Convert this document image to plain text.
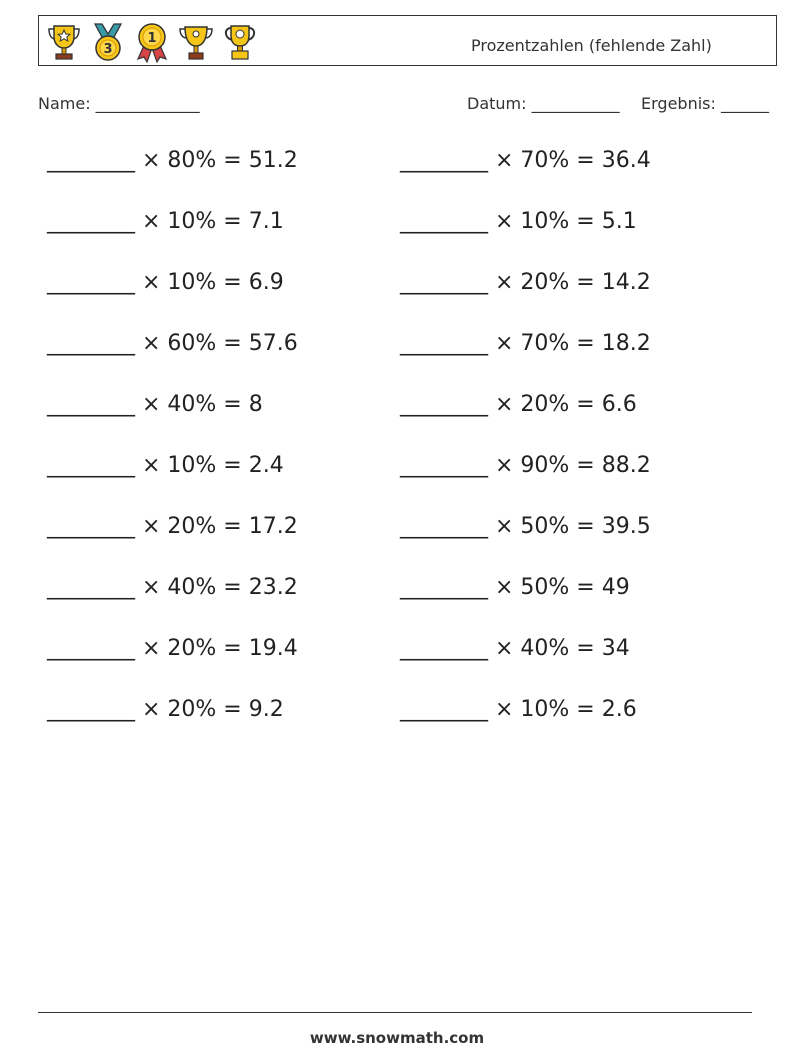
3
1	Prozentzahlen (fehlende Zahl)
Name: _____________	Datum: ___________ Ergebnis: ______
________ × 80% = 51.2	________ × 70% = 36.4
________ × 10% = 7.1	________ × 10% = 5.1
________ × 10% = 6.9	________ × 20% = 14.2
________ × 60% = 57.6	________ × 70% = 18.2
________ × 40% = 8	________ × 20% = 6.6
________ × 10% = 2.4	________ × 90% = 88.2
________ × 20% = 17.2	________ × 50% = 39.5
________ × 40% = 23.2	________ × 50% = 49
________ × 20% = 19.4	________ × 40% = 34
________ × 20% = 9.2	________ × 10% = 2.6
www.snowmath.com
